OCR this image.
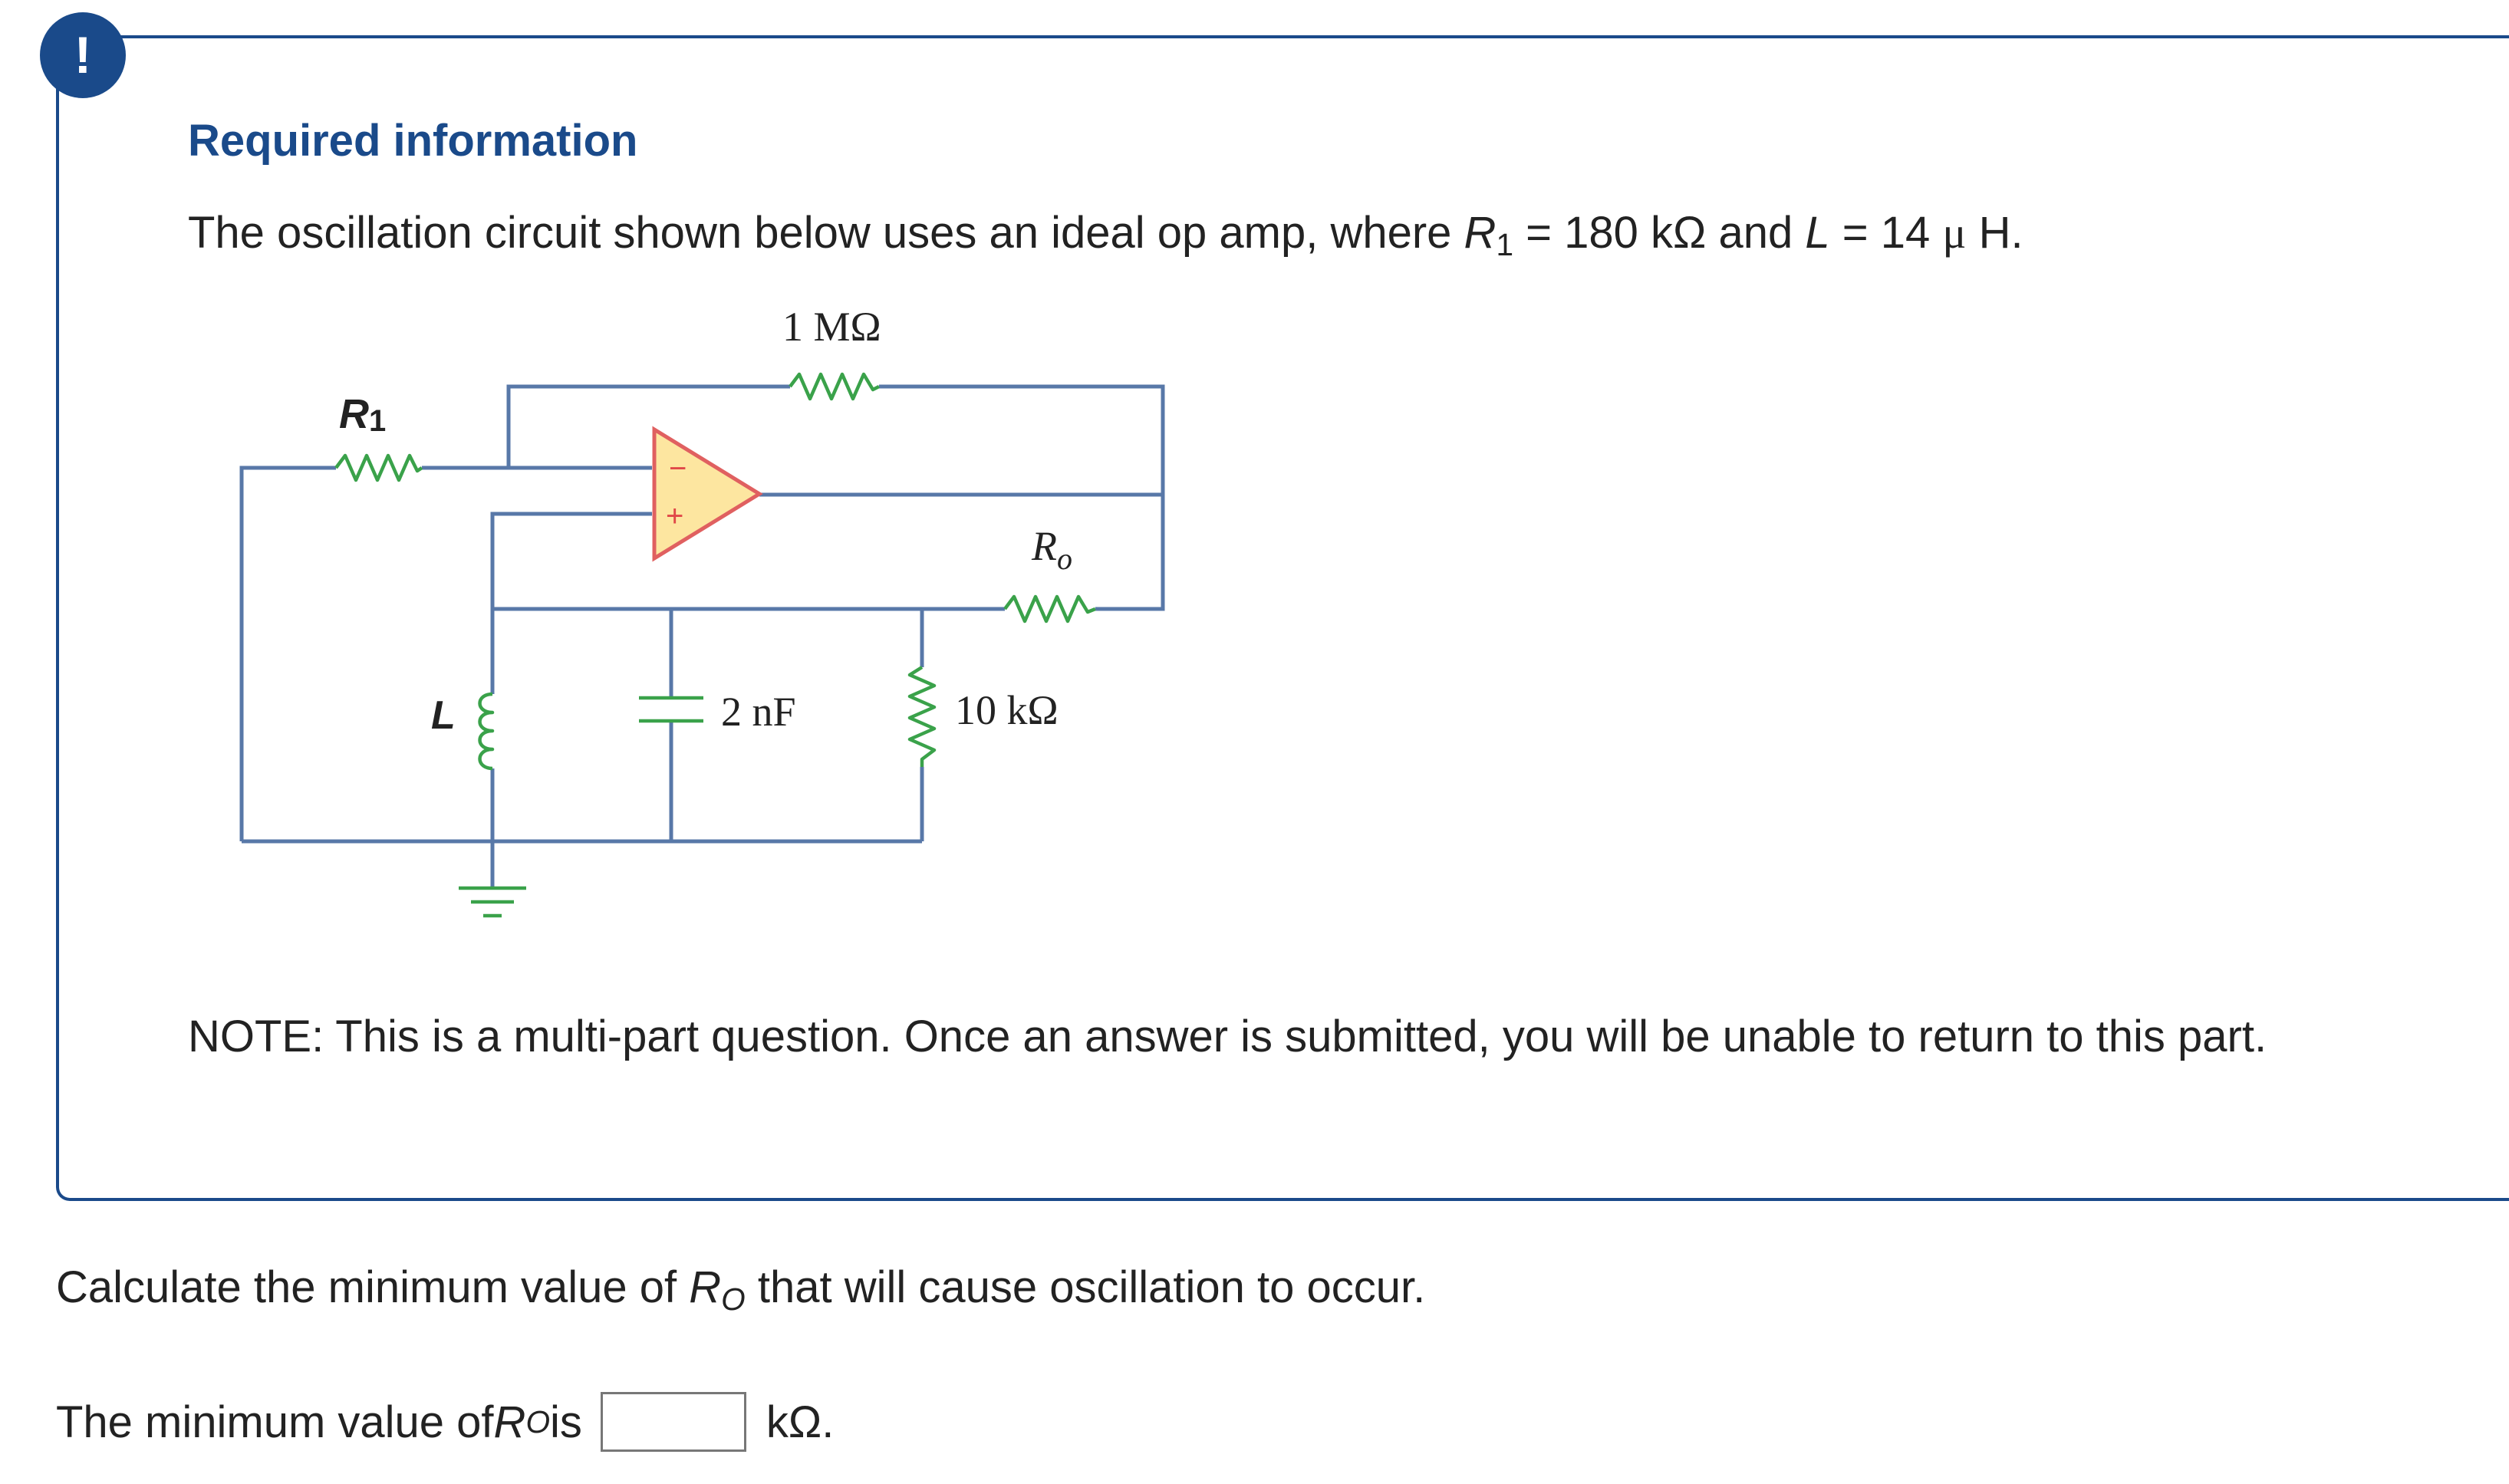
!
Required information
The oscillation circuit shown below uses an ideal op amp, where $R_1 = 180$ kΩ and L = 14 μ H.
−
+
1 MΩ
R1
$R_o$
L	2 nF	10 kΩ
NOTE: This is a multi-part question. Once an answer is submitted, you will be unable to return to this part.
Calculate the minimum value of $R_O$ that will cause oscillation to occur.
The minimum value of R O is	kΩ.
